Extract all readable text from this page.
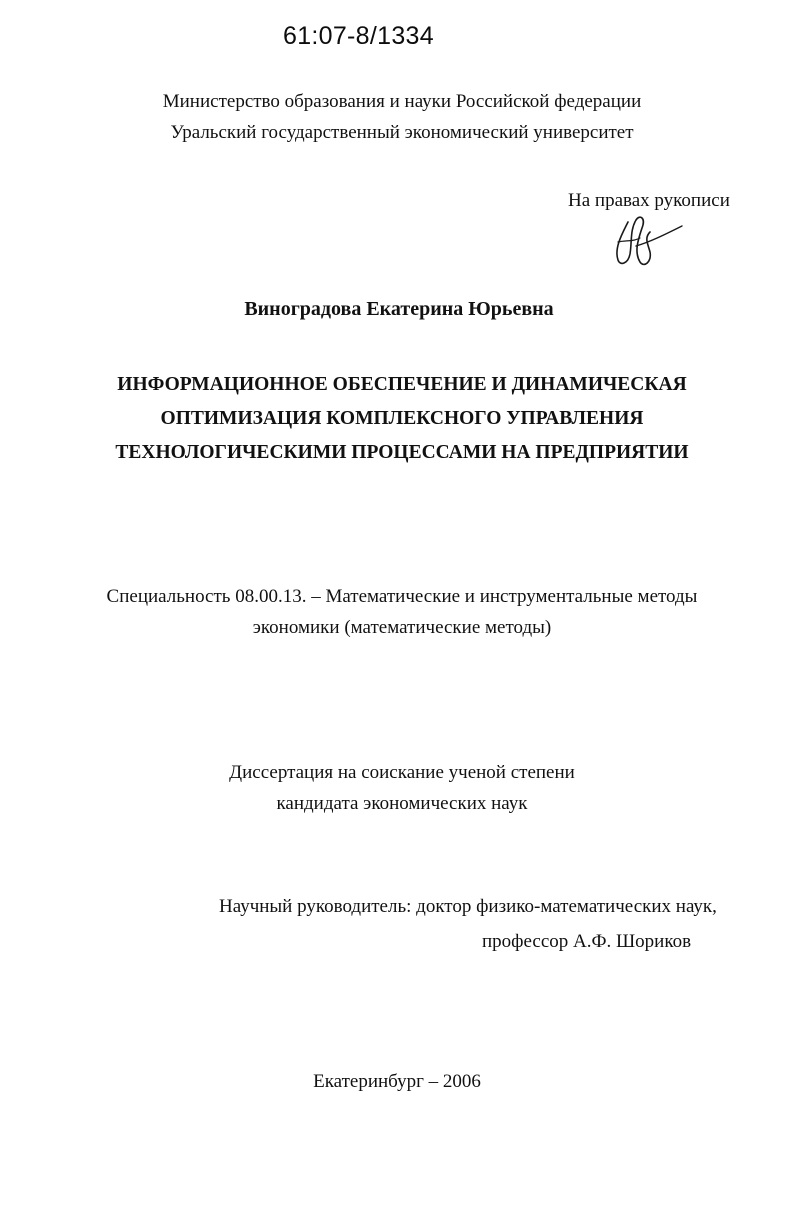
61:07-8/1334
Министерство образования и науки Российской федерации
Уральский государственный экономический университет
На правах рукописи
Виноградова Екатерина Юрьевна
ИНФОРМАЦИОННОЕ ОБЕСПЕЧЕНИЕ И ДИНАМИЧЕСКАЯ
ОПТИМИЗАЦИЯ КОМПЛЕКСНОГО УПРАВЛЕНИЯ
ТЕХНОЛОГИЧЕСКИМИ ПРОЦЕССАМИ НА ПРЕДПРИЯТИИ
Специальность 08.00.13. – Математические и инструментальные методы
экономики (математические методы)
Диссертация на соискание ученой степени
кандидата экономических наук
Научный руководитель: доктор физико-математических наук,
профессор А.Ф. Шориков
Екатеринбург – 2006
